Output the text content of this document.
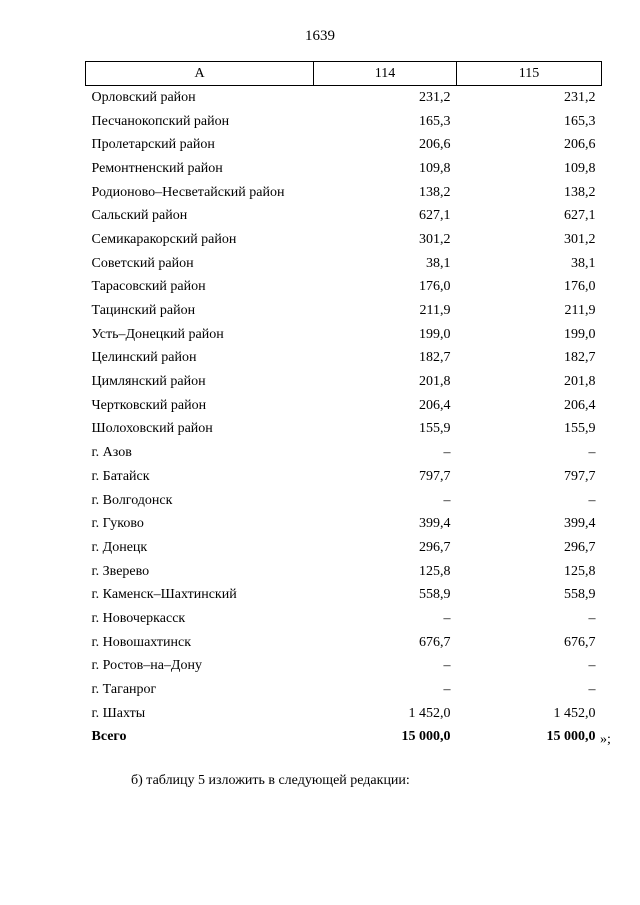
1639
А	114	115
Орловский район	231,2	231,2
Песчанокопский район	165,3	165,3
Пролетарский район	206,6	206,6
Ремонтненский район	109,8	109,8
Родионово–Несветайский район	138,2	138,2
Сальский район	627,1	627,1
Семикаракорский район	301,2	301,2
Советский район	38,1	38,1
Тарасовский район	176,0	176,0
Тацинский район	211,9	211,9
Усть–Донецкий район	199,0	199,0
Целинский район	182,7	182,7
Цимлянский район	201,8	201,8
Чертковский район	206,4	206,4
Шолоховский район	155,9	155,9
г. Азов	–	–
г. Батайск	797,7	797,7
г. Волгодонск	–	–
г. Гуково	399,4	399,4
г. Донецк	296,7	296,7
г. Зверево	125,8	125,8
г. Каменск–Шахтинский	558,9	558,9
г. Новочеркасск	–	–
г. Новошахтинск	676,7	676,7
г. Ростов–на–Дону	–	–
г. Таганрог	–	–
г. Шахты	1 452,0	1 452,0
Всего	15 000,0	15 000,0 »;
б) таблицу 5 изложить в следующей редакции:
